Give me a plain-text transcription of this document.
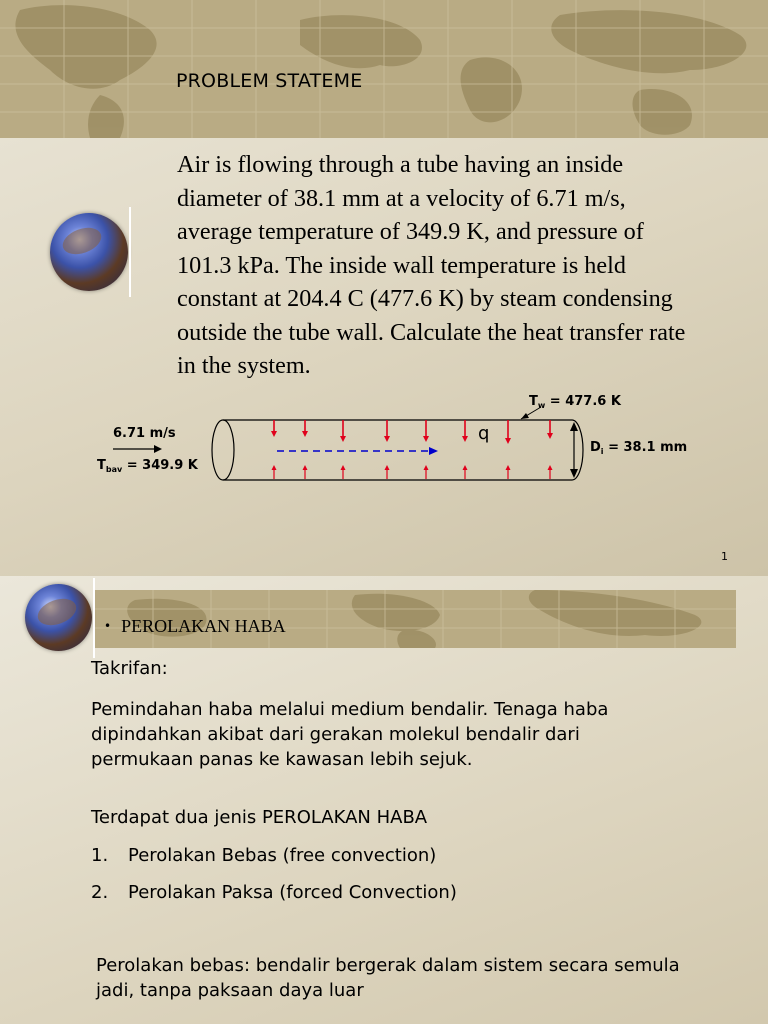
PROBLEM STATEME

Air is flowing through a tube having an inside diameter of 38.1 mm at a velocity of 6.71 m/s, average temperature of 349.9 K, and pressure of 101.3 kPa. The inside wall temperature is held constant at 204.4 C (477.6 K) by steam condensing outside the tube wall. Calculate the heat transfer rate in the system.

$T_w = 477.6$ K
6.71 m/s
$T_{bav} = 349.9$ K
q
$D_i = 38.1$ mm
1
• PEROLAKAN HABA

Takrifan:

Pemindahan haba melalui medium bendalir. Tenaga haba dipindahkan akibat dari gerakan molekul bendalir dari permukaan panas ke kawasan lebih sejuk.

Terdapat dua jenis PEROLAKAN HABA

1. Perolakan Bebas (free convection)
2. Perolakan Paksa (forced Convection)

Perolakan bebas: bendalir bergerak dalam sistem secara semula jadi, tanpa paksaan daya luar
